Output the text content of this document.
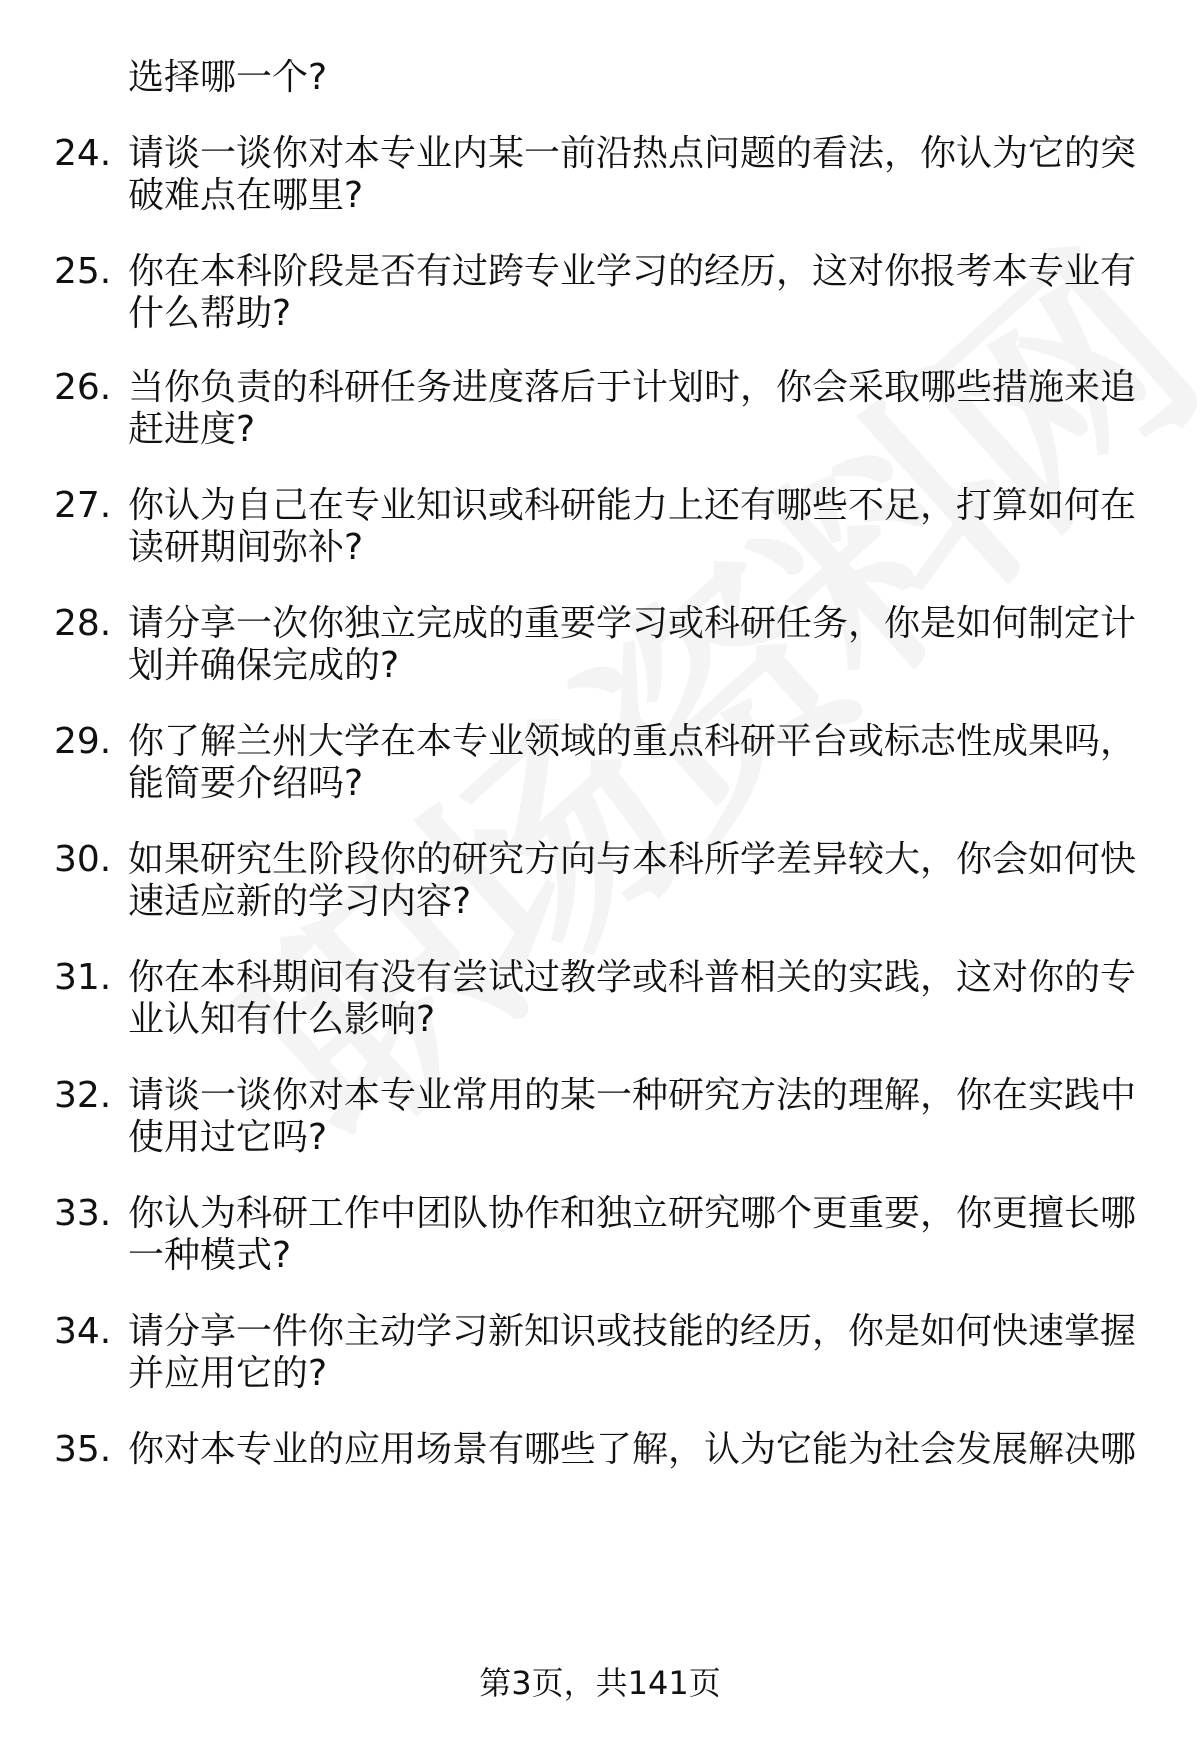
选择哪一个?
24. 请谈一谈你对本专业内某一前沿热点问题的看法，你认为它的突
破难点在哪里?
25. 你在本科阶段是否有过跨专业学习的经历，这对你报考本专业有
什么帮助?
26. 当你负责的科研任务进度落后于计划时，你会采取哪些措施来追
赶进度?
27. 你认为自己在专业知识或科研能力上还有哪些不足，打算如何在
读研期间弥补?
28. 请分享一次你独立完成的重要学习或科研任务，你是如何制定计
划并确保完成的?
29. 你了解兰州大学在本专业领域的重点科研平台或标志性成果吗，
能简要介绍吗?
30. 如果研究生阶段你的研究方向与本科所学差异较大，你会如何快
速适应新的学习内容?
31. 你在本科期间有没有尝试过教学或科普相关的实践，这对你的专
业认知有什么影响?
32. 请谈一谈你对本专业常用的某一种研究方法的理解，你在实践中
使用过它吗?
33. 你认为科研工作中团队协作和独立研究哪个更重要，你更擅长哪
一种模式?
34. 请分享一件你主动学习新知识或技能的经历，你是如何快速掌握
并应用它的?
35. 你对本专业的应用场景有哪些了解，认为它能为社会发展解决哪
第3页，共141页
